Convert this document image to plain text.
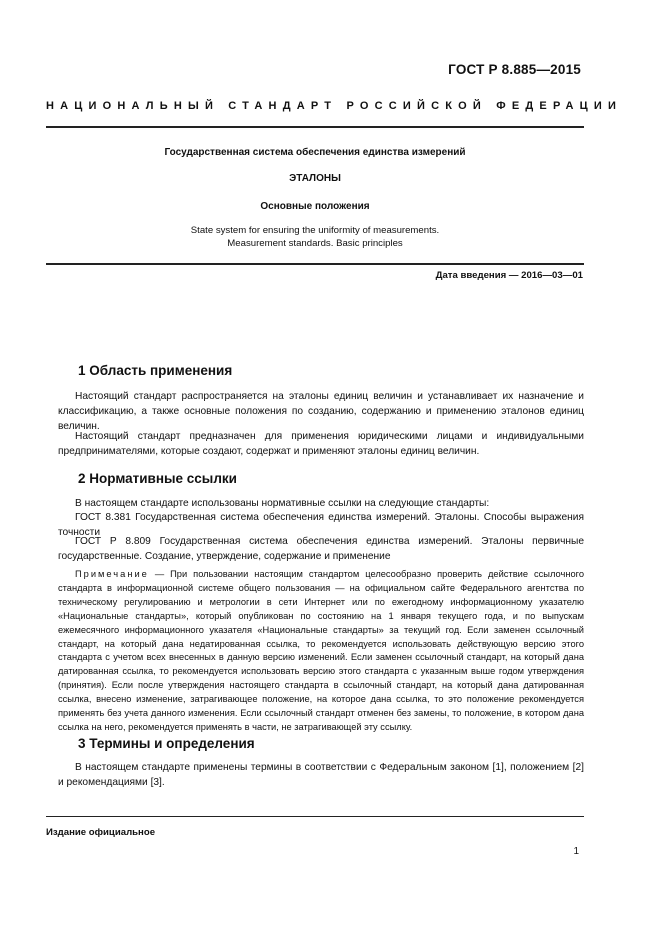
ГОСТ Р 8.885—2015
НАЦИОНАЛЬНЫЙ СТАНДАРТ РОССИЙСКОЙ ФЕДЕРАЦИИ
Государственная система обеспечения единства измерений
ЭТАЛОНЫ
Основные положения
State system for ensuring the uniformity of measurements.
Measurement standards. Basic principles
Дата введения — 2016—03—01
1 Область применения

Настоящий стандарт распространяется на эталоны единиц величин и устанавливает их назначение и классификацию, а также основные положения по созданию, содержанию и применению эталонов единиц величин.

Настоящий стандарт предназначен для применения юридическими лицами и индивидуальными предпринимателями, которые создают, содержат и применяют эталоны единиц величин.

2 Нормативные ссылки

В настоящем стандарте использованы нормативные ссылки на следующие стандарты:

ГОСТ 8.381 Государственная система обеспечения единства измерений. Эталоны. Способы выражения точности

ГОСТ Р 8.809 Государственная система обеспечения единства измерений. Эталоны первичные государственные. Создание, утверждение, содержание и применение

Примечание — При пользовании настоящим стандартом целесообразно проверить действие ссылочного стандарта в информационной системе общего пользования — на официальном сайте Федерального агентства по техническому регулированию и метрологии в сети Интернет или по ежегодному информационному указателю «Национальные стандарты», который опубликован по состоянию на 1 января текущего года, и по выпускам ежемесячного информационного указателя «Национальные стандарты» за текущий год. Если заменен ссылочный стандарт, на который дана недатированная ссылка, то рекомендуется использовать действующую версию этого стандарта с учетом всех внесенных в данную версию изменений. Если заменен ссылочный стандарт, на который дана датированная ссылка, то рекомендуется использовать версию этого стандарта с указанным выше годом утверждения (принятия). Если после утверждения настоящего стандарта в ссылочный стандарт, на который дана датированная ссылка, внесено изменение, затрагивающее положение, на которое дана ссылка, то это положение рекомендуется применять без учета данного изменения. Если ссылочный стандарт отменен без замены, то положение, в котором дана ссылка на него, рекомендуется применять в части, не затрагивающей эту ссылку.

3 Термины и определения

В настоящем стандарте применены термины в соответствии с Федеральным законом [1], положением [2] и рекомендациями [3].

Издание официальное
1
